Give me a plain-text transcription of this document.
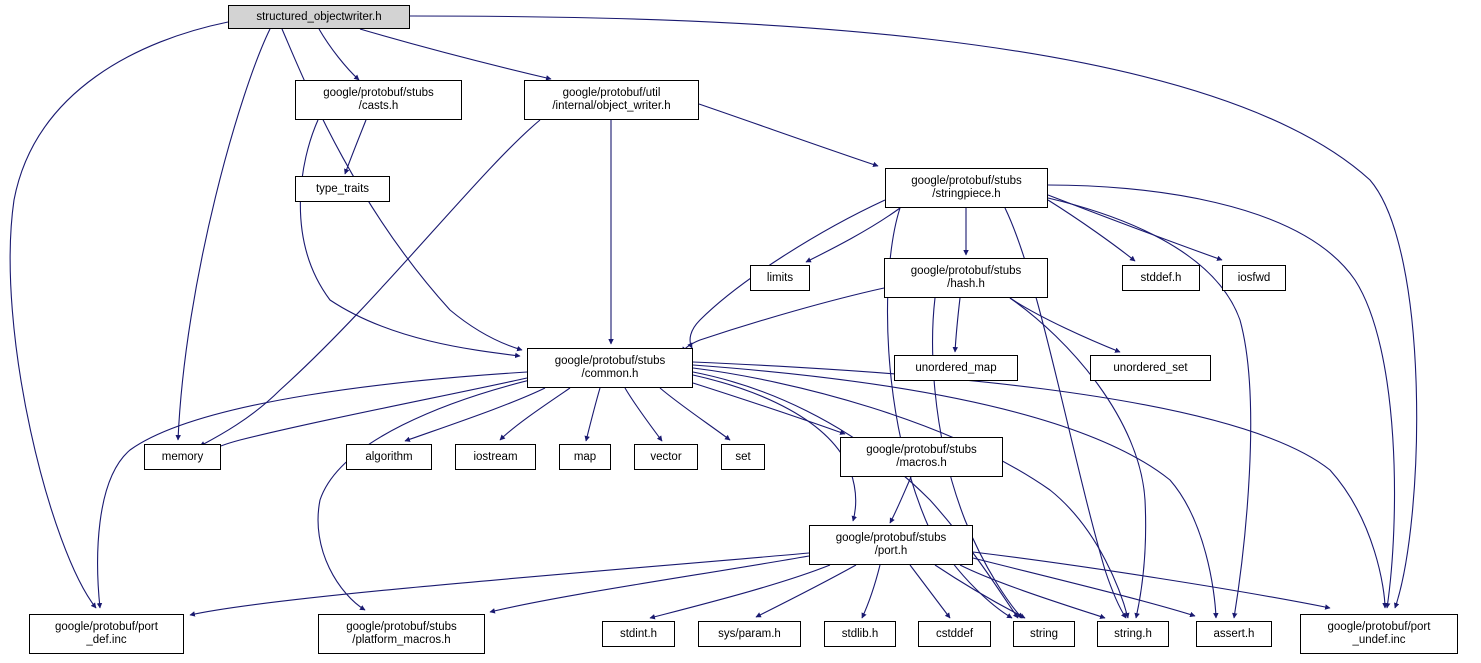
structured_objectwriter.h
google/protobuf/stubs
/casts.h
google/protobuf/util
/internal/object_writer.h
type_traits
google/protobuf/stubs
/stringpiece.h
limits
google/protobuf/stubs
/hash.h
stddef.h	iosfwd
unordered_map	unordered_set
google/protobuf/stubs
/common.h
memory	algorithm	iostream	map	vector	set
google/protobuf/stubs
/macros.h
google/protobuf/stubs
/port.h
google/protobuf/port
_def.inc
google/protobuf/stubs
/platform_macros.h
stdint.h	sys/param.h	stdlib.h	cstddef	string	string.h	assert.h
google/protobuf/port
_undef.inc
